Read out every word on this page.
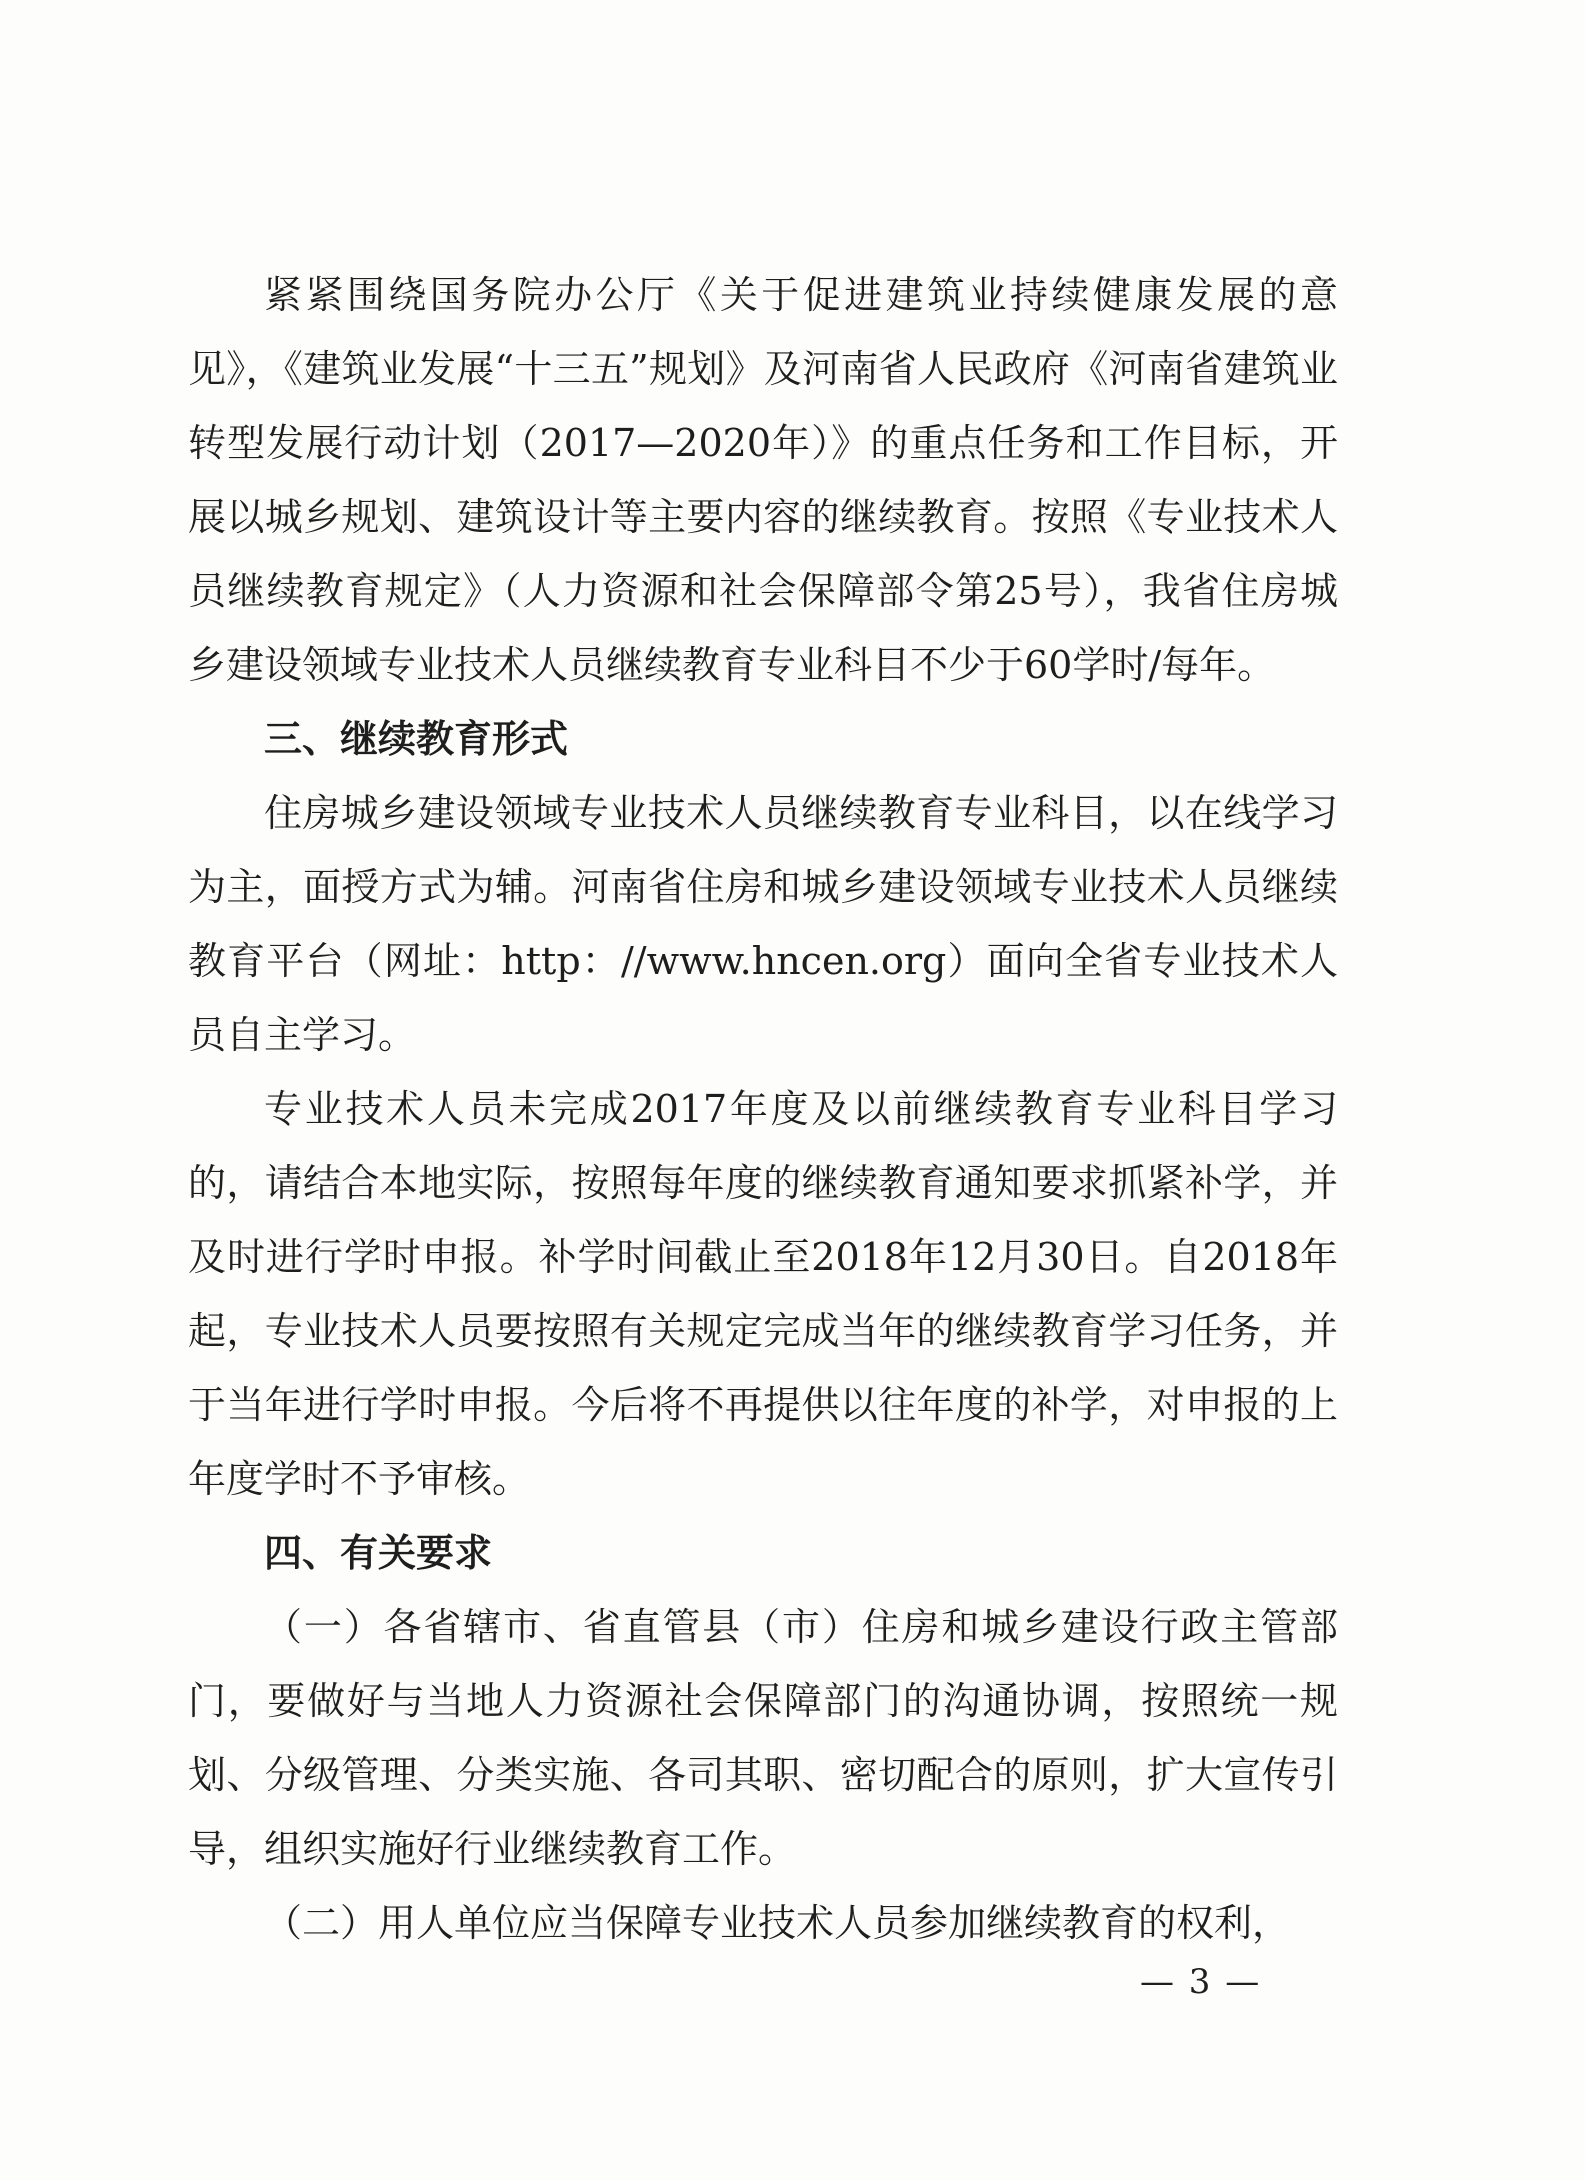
紧紧围绕国务院办公厅《关于促进建筑业持续健康发展的意见》，《建筑业发展“十三五”规划》及河南省人民政府《河南省建筑业转型发展行动计划（2017—2020年）》的重点任务和工作目标，开展以城乡规划、建筑设计等主要内容的继续教育。按照《专业技术人员继续教育规定》（人力资源和社会保障部令第25号），我省住房城乡建设领域专业技术人员继续教育专业科目不少于60学时/每年。

三、继续教育形式

住房城乡建设领域专业技术人员继续教育专业科目，以在线学习为主，面授方式为辅。河南省住房和城乡建设领域专业技术人员继续教育平台（网址：http：//www.hncen.org）面向全省专业技术人员自主学习。

专业技术人员未完成2017年度及以前继续教育专业科目学习的，请结合本地实际，按照每年度的继续教育通知要求抓紧补学，并及时进行学时申报。补学时间截止至2018年12月30日。自2018年起，专业技术人员要按照有关规定完成当年的继续教育学习任务，并于当年进行学时申报。今后将不再提供以往年度的补学，对申报的上年度学时不予审核。

四、有关要求

（一）各省辖市、省直管县（市）住房和城乡建设行政主管部门，要做好与当地人力资源社会保障部门的沟通协调，按照统一规划、分级管理、分类实施、各司其职、密切配合的原则，扩大宣传引导，组织实施好行业继续教育工作。

（二）用人单位应当保障专业技术人员参加继续教育的权利，

— 3 —
